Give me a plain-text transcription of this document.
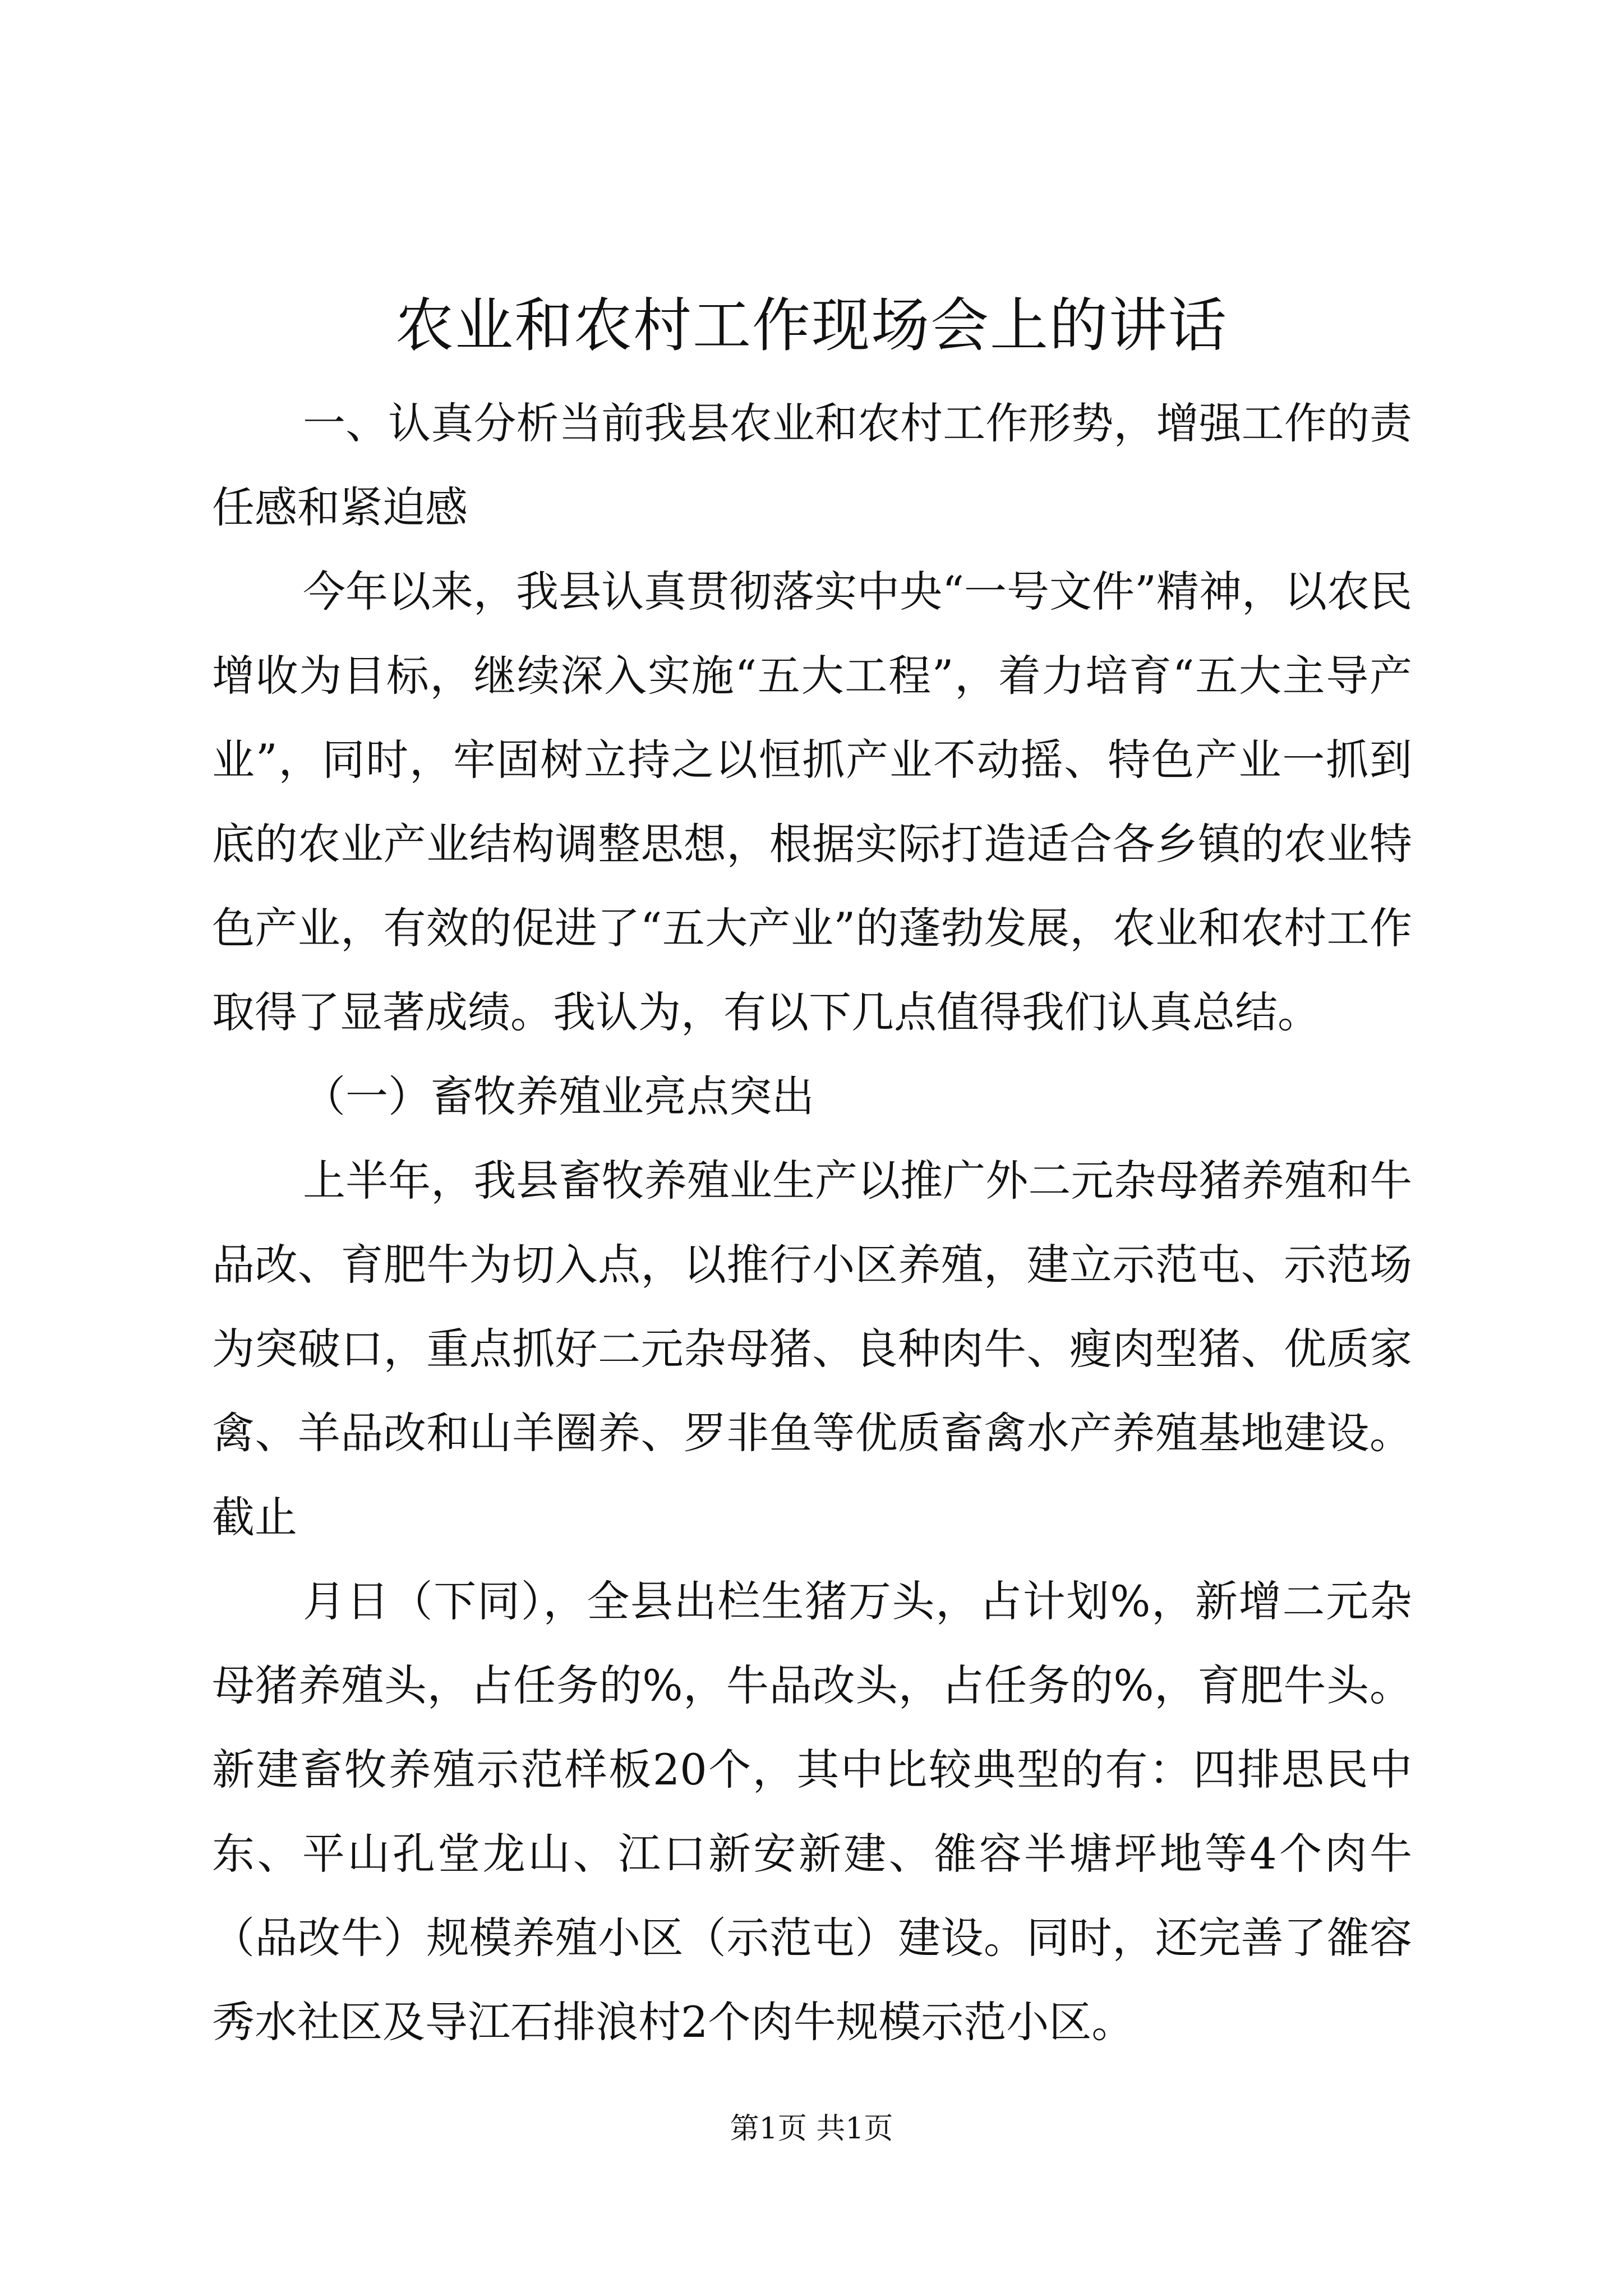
农业和农村工作现场会上的讲话

一、认真分析当前我县农业和农村工作形势，增强工作的责任感和紧迫感

今年以来，我县认真贯彻落实中央“一号文件”精神，以农民增收为目标，继续深入实施“五大工程”，着力培育“五大主导产业”，同时，牢固树立持之以恒抓产业不动摇、特色产业一抓到底的农业产业结构调整思想，根据实际打造适合各乡镇的农业特色产业，有效的促进了“五大产业”的蓬勃发展，农业和农村工作取得了显著成绩。我认为，有以下几点值得我们认真总结。

（一）畜牧养殖业亮点突出

上半年，我县畜牧养殖业生产以推广外二元杂母猪养殖和牛品改、育肥牛为切入点，以推行小区养殖，建立示范屯、示范场为突破口，重点抓好二元杂母猪、良种肉牛、瘦肉型猪、优质家禽、羊品改和山羊圈养、罗非鱼等优质畜禽水产养殖基地建设。截止

月日（下同），全县出栏生猪万头，占计划%，新增二元杂母猪养殖头，占任务的%，牛品改头，占任务的%，育肥牛头。新建畜牧养殖示范样板20个，其中比较典型的有：四排思民中东、平山孔堂龙山、江口新安新建、雒容半塘坪地等4个肉牛（品改牛）规模养殖小区（示范屯）建设。同时，还完善了雒容秀水社区及导江石排浪村2个肉牛规模示范小区。

第1页 共1页
